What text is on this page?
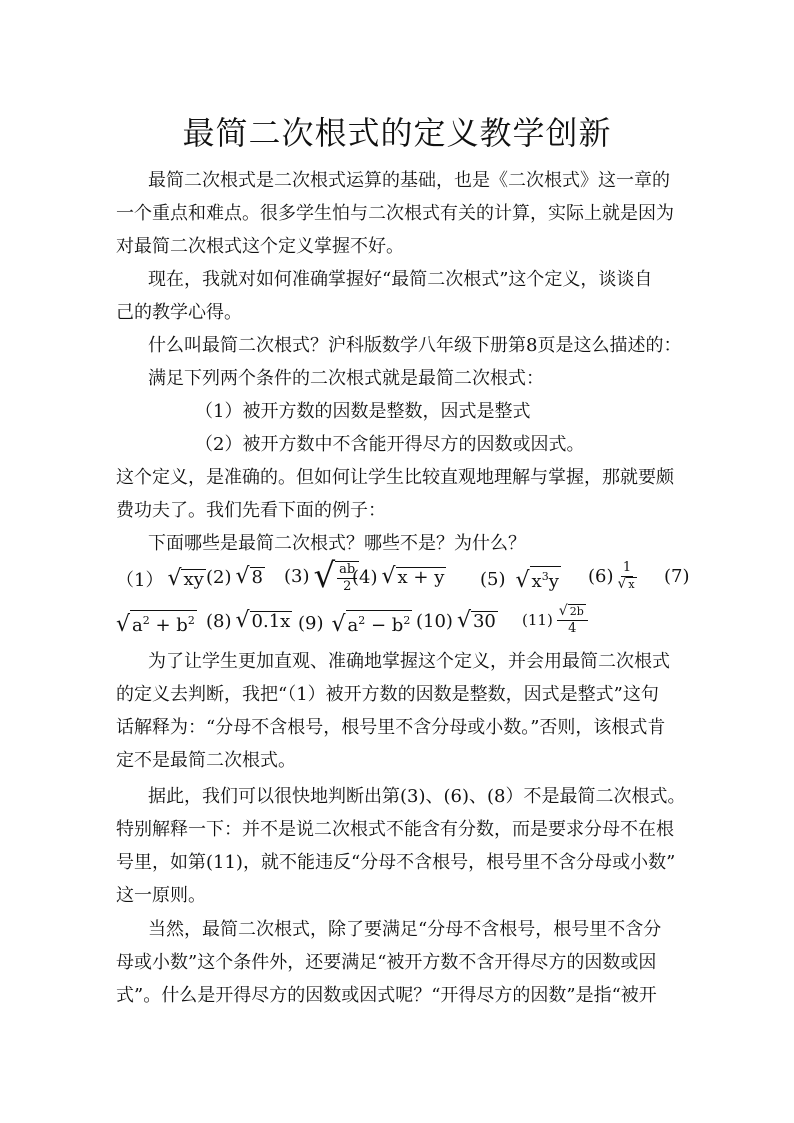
最简二次根式的定义教学创新
最简二次根式是二次根式运算的基础，也是《二次根式》这一章的
一个重点和难点。很多学生怕与二次根式有关的计算，实际上就是因为
对最简二次根式这个定义掌握不好。
现在，我就对如何准确掌握好“最简二次根式”这个定义，谈谈自
己的教学心得。
什么叫最简二次根式？沪科版数学八年级下册第8页是这么描述的：
满足下列两个条件的二次根式就是最简二次根式：
（1）被开方数的因数是整数，因式是整式
（2）被开方数中不含能开得尽方的因数或因式。
这个定义，是准确的。但如何让学生比较直观地理解与掌握，那就要颇
费功夫了。我们先看下面的例子：
下面哪些是最简二次根式？哪些不是？为什么？
（1） √ xy (2) √ 8 (3) √ $\frac{ab}{2}$
(4) √ x + y (5) √ $x^3y$ $(6) \frac{1}{√ x} (7)$
√ $a^2 + b^2$ (8) √ 0.1x (9) √ $a^2 - b^2$ (10) √ 30 $(11) \frac{√ 2b}{4}$
为了让学生更加直观、准确地掌握这个定义，并会用最简二次根式
的定义去判断，我把“（1）被开方数的因数是整数，因式是整式”这句
话解释为：“分母不含根号，根号里不含分母或小数。”否则，该根式肯
定不是最简二次根式。
据此，我们可以很快地判断出第(3)、(6)、(8）不是最简二次根式。
特别解释一下：并不是说二次根式不能含有分数，而是要求分母不在根
号里，如第(11)，就不能违反“分母不含根号，根号里不含分母或小数”
这一原则。
当然，最简二次根式，除了要满足“分母不含根号，根号里不含分
母或小数”这个条件外，还要满足“被开方数不含开得尽方的因数或因
式”。什么是开得尽方的因数或因式呢？“开得尽方的因数”是指“被开
